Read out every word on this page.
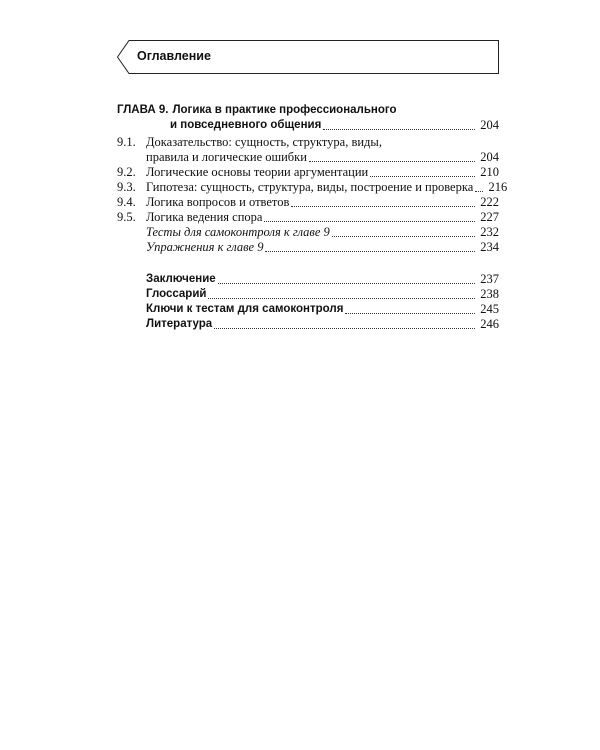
Оглавление
ГЛАВА 9. Логика в практике профессионального
и повседневного общения	204
9.1. Доказательство: сущность, структура, виды,
правила и логические ошибки	204
9.2. Логические основы теории аргументации	210
9.3. Гипотеза: сущность, структура, виды, построение и проверка 216
9.4. Логика вопросов и ответов	222
9.5. Логика ведения спора	227
Тесты для самоконтроля к главе 9	232
Упражнения к главе 9	234
Заключение	237
Глоссарий	238
Ключи к тестам для самоконтроля	245
Литература	246
